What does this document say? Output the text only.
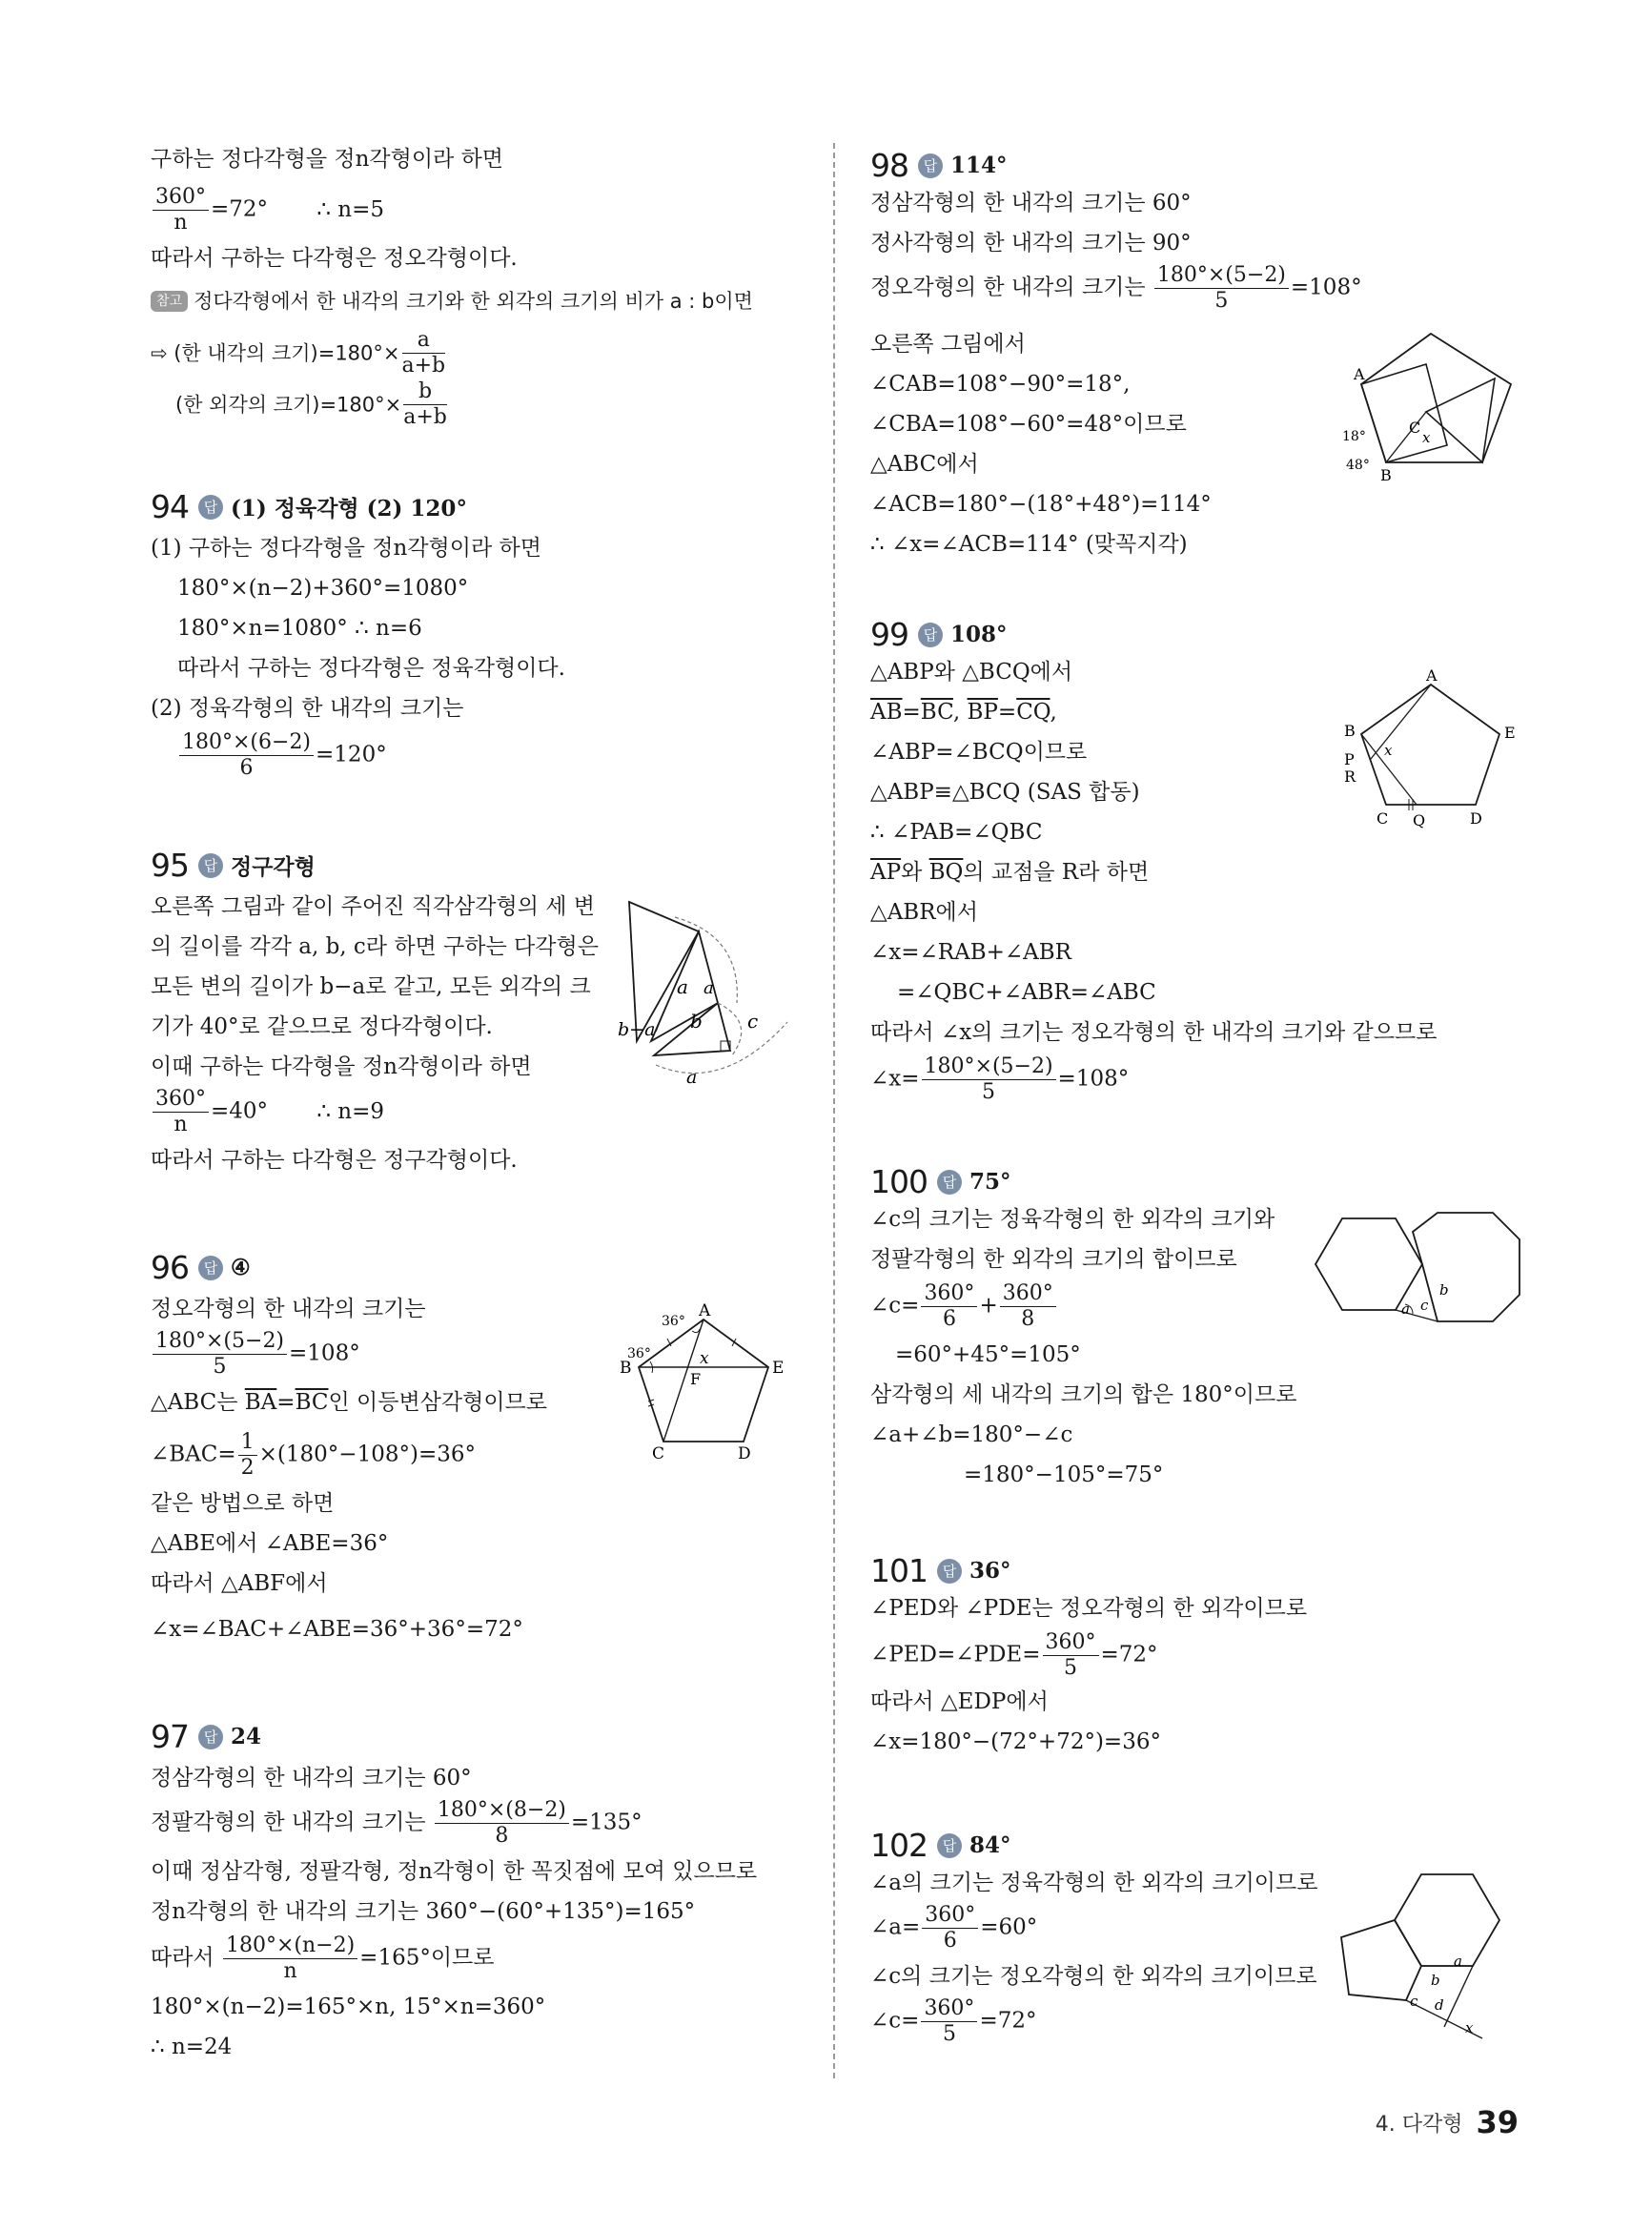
구하는 정다각형을 정n각형이라 하면
$\frac{360^\circ}{n} =72^\circ$ ∴ n=5
따라서 구하는 다각형은 정오각형이다.
참고 정다각형에서 한 내각의 크기와 한 외각의 크기의 비가 a : b이면
⇨ (한 내각의 크기)$=180^\circ\times \frac{a}{a+b}$
(한 외각의 크기)$=180^\circ\times \frac{b}{a+b}$
94 답 (1) 정육각형 (2) 120°
(1) 구하는 정다각형을 정n각형이라 하면
180°×(n−2)+360°=1080°
180°×n=1080° ∴ n=6
따라서 구하는 정다각형은 정육각형이다.
(2) 정육각형의 한 내각의 크기는
$\frac{180^\circ\times(6-2)}{6} =120^\circ$
95 답 정구각형
오른쪽 그림과 같이 주어진 직각삼각형의 세 변
의 길이를 각각 a, b, c라 하면 구하는 다각형은
모든 변의 길이가 b−a로 같고, 모든 외각의 크
기가 40°로 같으므로 정다각형이다.
이때 구하는 다각형을 정n각형이라 하면
$\frac{360^\circ}{n} =40^\circ$ ∴ n=9
따라서 구하는 다각형은 정구각형이다.
a a
b c
b−a
a
96 답 ④
정오각형의 한 내각의 크기는
$\frac{180^\circ\times(5-2)}{5} =108^\circ$
△ABC는 $\overline{BA}=\overline{BC}$인 이등변삼각형이므로
∠BAC= $\frac{1}{2} \times(180^\circ-108^\circ)=36^\circ$
같은 방법으로 하면
△ABE에서 ∠ABE=36°
따라서 △ABF에서
∠x=∠BAC+∠ABE=36°+36°=72°
A
B	E
C	D
F
x
36°
36°
97 답 24
정삼각형의 한 내각의 크기는 60°
정팔각형의 한 내각의 크기는 $\frac{180^\circ\times(8-2)}{8} =135^\circ$
이때 정삼각형, 정팔각형, 정n각형이 한 꼭짓점에 모여 있으므로
정n각형의 한 내각의 크기는 360°−(60°+135°)=165°
따라서 $\frac{180^\circ\times(n-2)}{n} =165^\circ$이므로
180°×(n−2)=165°×n, 15°×n=360°
∴ n=24
98 답 114°
정삼각형의 한 내각의 크기는 60°
정사각형의 한 내각의 크기는 90°
정오각형의 한 내각의 크기는 $\frac{180^\circ\times(5-2)}{5} =108^\circ$
오른쪽 그림에서
∠CAB=108°−90°=18°,
∠CBA=108°−60°=48°이므로
△ABC에서
∠ACB=180°−(18°+48°)=114°
∴ ∠x=∠ACB=114° (맞꼭지각)
A
B
C
x
18°
48°
99 답 108°
△ABP와 △BCQ에서
$\overline{AB}=\overline{BC}$, $\overline{BP}=\overline{CQ}$,
∠ABP=∠BCQ이므로
△ABP≡△BCQ (SAS 합동)
∴ ∠PAB=∠QBC
$\overline{AP}$와 $\overline{BQ}$의 교점을 R라 하면
△ABR에서
∠x=∠RAB+∠ABR
=∠QBC+∠ABR=∠ABC
따라서 ∠x의 크기는 정오각형의 한 내각의 크기와 같으므로
∠x= $\frac{180^\circ\times(5-2)}{5} =108^\circ$
A
B	E
P
R
C Q	D
x
100 답 75°
∠c의 크기는 정육각형의 한 외각의 크기와
정팔각형의 한 외각의 크기의 합이므로
∠c= $\frac{360^\circ}{6} + \frac{360^\circ}{8}$
=60°+45°=105°
삼각형의 세 내각의 크기의 합은 180°이므로
∠a+∠b=180°−∠c
=180°−105°=75°
a c
b
101 답 36°
∠PED와 ∠PDE는 정오각형의 한 외각이므로
∠PED=∠PDE= $\frac{360^\circ}{5} =72^\circ$
따라서 △EDP에서
∠x=180°−(72°+72°)=36°
102 답 84°
∠a의 크기는 정육각형의 한 외각의 크기이므로
∠a= $\frac{360^\circ}{6} =60^\circ$
∠c의 크기는 정오각형의 한 외각의 크기이므로
∠c= $\frac{360^\circ}{5} =72^\circ$
a
b
c d
x
4. 다각형 39
